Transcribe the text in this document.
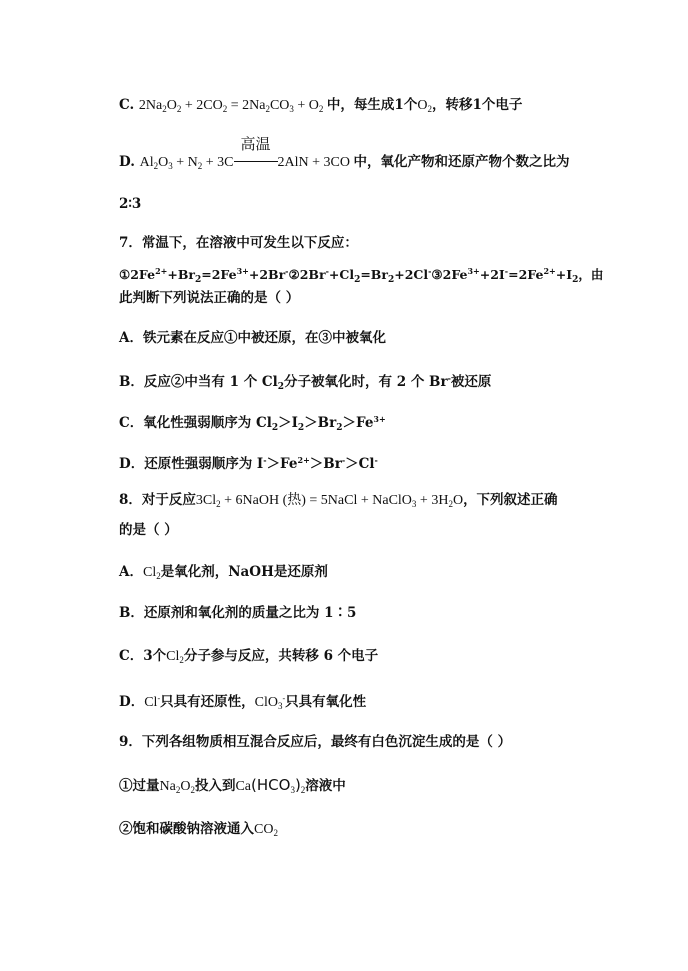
C. $2Na_2O_2 + 2CO_2 = 2Na_2CO_3 + O_2$ 中，每生成1个$O_2$，转移1个电子
D. $Al_2O_3 + N_2 + 3C$
高温
2AlN + 3CO 中，氧化产物和还原产物个数之比为
2∶3
7．常温下，在溶液中可发生以下反应：
$①2Fe^{2+}+Br_2=2Fe^{3+}+2Br^-②2Br^-+Cl_2=Br_2+2Cl^-③2Fe^{3+}+2I^-=2Fe^{2+}+I_2$，由
此判断下列说法正确的是（ ）
A．铁元素在反应①中被还原，在③中被氧化
B．反应②中当有 1 个 $Cl_2$分子被氧化时，有 2 个 Br-被还原
C．氧化性强弱顺序为 $Cl_2>I_2>Br_2>Fe^{3+}$
D．还原性强弱顺序为 $I^->Fe^{2+}>Br^->Cl^-$
8．对于反应$3Cl_2$ + 6NaOH (热) = 5NaCl + NaClO$_3$ + $3H_2O$，下列叙述正确
的是（ ）
A．$Cl_2$是氧化剂，NaOH是还原剂
B．还原剂和氧化剂的质量之比为 1∶5
C．3个$Cl_2$分子参与反应，共转移 6 个电子
D．Cl-只具有还原性，ClO$_3$-只具有氧化性
9．下列各组物质相互混合反应后，最终有白色沉淀生成的是（ ）
①过量$Na_2O_2$投入到$Ca(HCO_3)_2$溶液中
②饱和碳酸钠溶液通入$CO_2$
